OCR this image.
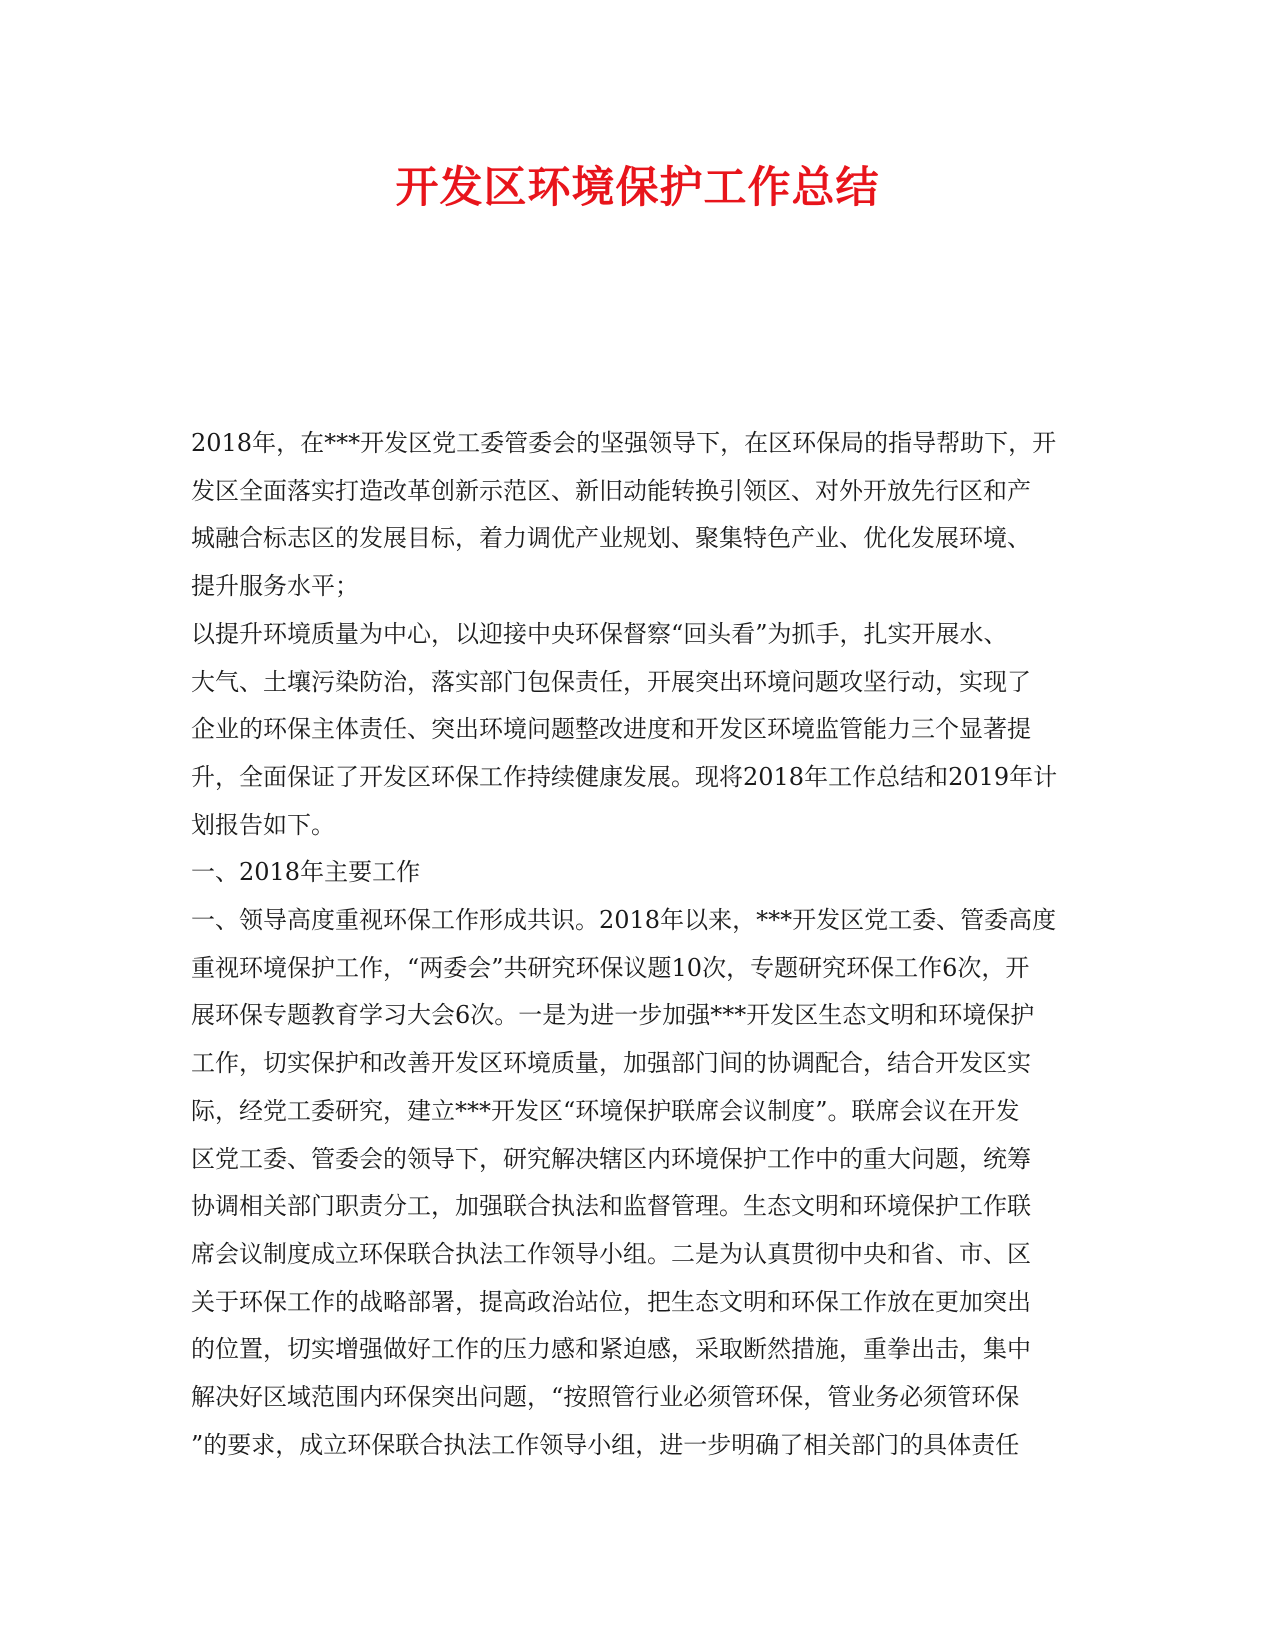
开发区环境保护工作总结

2018年，在***开发区党工委管委会的坚强领导下，在区环保局的指导帮助下，开
发区全面落实打造改革创新示范区、新旧动能转换引领区、对外开放先行区和产
城融合标志区的发展目标，着力调优产业规划、聚集特色产业、优化发展环境、
提升服务水平；

以提升环境质量为中心，以迎接中央环保督察“回头看”为抓手，扎实开展水、
大气、土壤污染防治，落实部门包保责任，开展突出环境问题攻坚行动，实现了
企业的环保主体责任、突出环境问题整改进度和开发区环境监管能力三个显著提
升，全面保证了开发区环保工作持续健康发展。现将2018年工作总结和2019年计
划报告如下。

一、2018年主要工作

一、领导高度重视环保工作形成共识。2018年以来，***开发区党工委、管委高度
重视环境保护工作，“两委会”共研究环保议题10次，专题研究环保工作6次，开
展环保专题教育学习大会6次。一是为进一步加强***开发区生态文明和环境保护
工作，切实保护和改善开发区环境质量，加强部门间的协调配合，结合开发区实
际，经党工委研究，建立***开发区“环境保护联席会议制度”。联席会议在开发
区党工委、管委会的领导下，研究解决辖区内环境保护工作中的重大问题，统筹
协调相关部门职责分工，加强联合执法和监督管理。生态文明和环境保护工作联
席会议制度成立环保联合执法工作领导小组。二是为认真贯彻中央和省、市、区
关于环保工作的战略部署，提高政治站位，把生态文明和环保工作放在更加突出
的位置，切实增强做好工作的压力感和紧迫感，采取断然措施，重拳出击，集中
解决好区域范围内环保突出问题，“按照管行业必须管环保，管业务必须管环保
”的要求，成立环保联合执法工作领导小组，进一步明确了相关部门的具体责任
